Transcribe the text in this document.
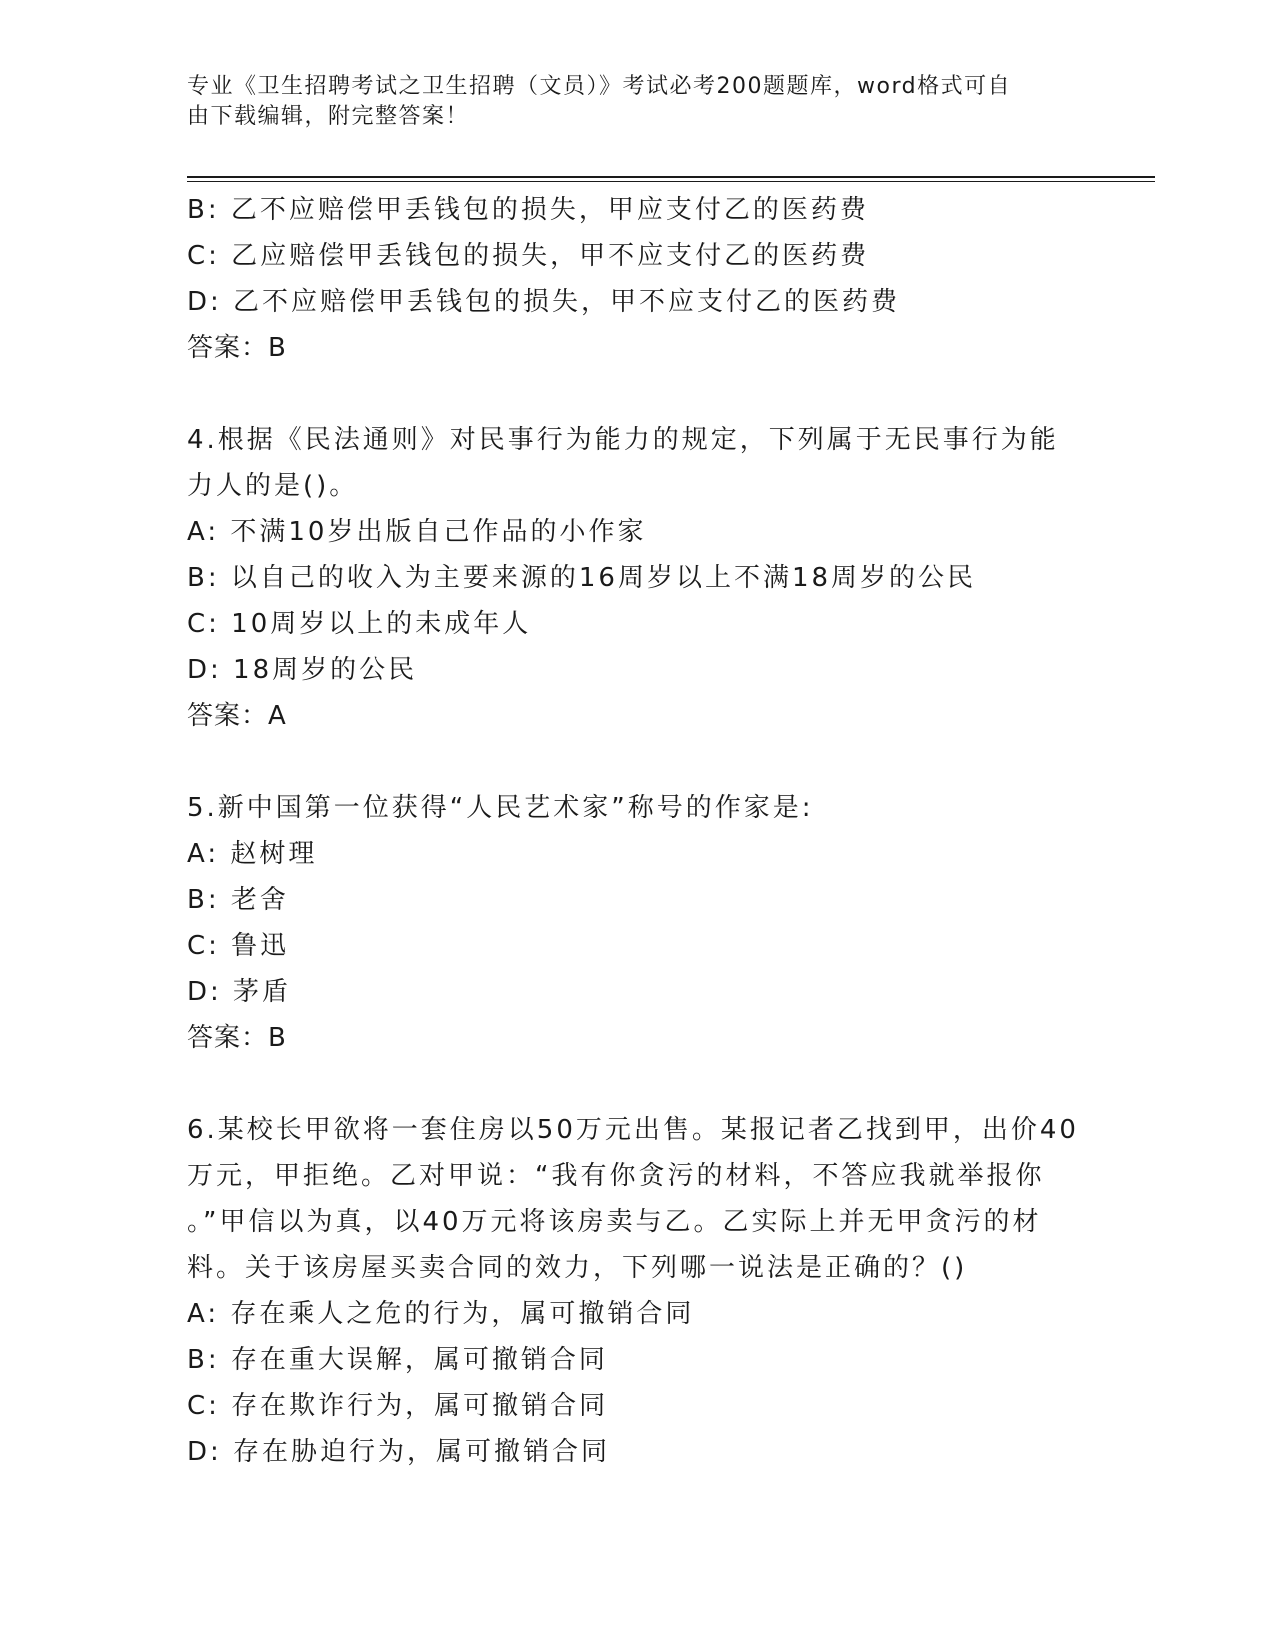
专业《卫生招聘考试之卫生招聘（文员）》考试必考200题题库，word格式可自
由下载编辑，附完整答案！
B: 乙不应赔偿甲丢钱包的损失，甲应支付乙的医药费
C: 乙应赔偿甲丢钱包的损失，甲不应支付乙的医药费
D: 乙不应赔偿甲丢钱包的损失，甲不应支付乙的医药费
答案：B
4.根据《民法通则》对民事行为能力的规定，下列属于无民事行为能
力人的是()。
A: 不满10岁出版自己作品的小作家
B: 以自己的收入为主要来源的16周岁以上不满18周岁的公民
C: 10周岁以上的未成年人
D: 18周岁的公民
答案：A
5.新中国第一位获得“人民艺术家”称号的作家是:
A: 赵树理
B: 老舍
C: 鲁迅
D: 茅盾
答案：B
6.某校长甲欲将一套住房以50万元出售。某报记者乙找到甲，出价40
万元，甲拒绝。乙对甲说：“我有你贪污的材料，不答应我就举报你
。”甲信以为真，以40万元将该房卖与乙。乙实际上并无甲贪污的材
料。关于该房屋买卖合同的效力，下列哪一说法是正确的？()
A: 存在乘人之危的行为，属可撤销合同
B: 存在重大误解，属可撤销合同
C: 存在欺诈行为，属可撤销合同
D: 存在胁迫行为，属可撤销合同
